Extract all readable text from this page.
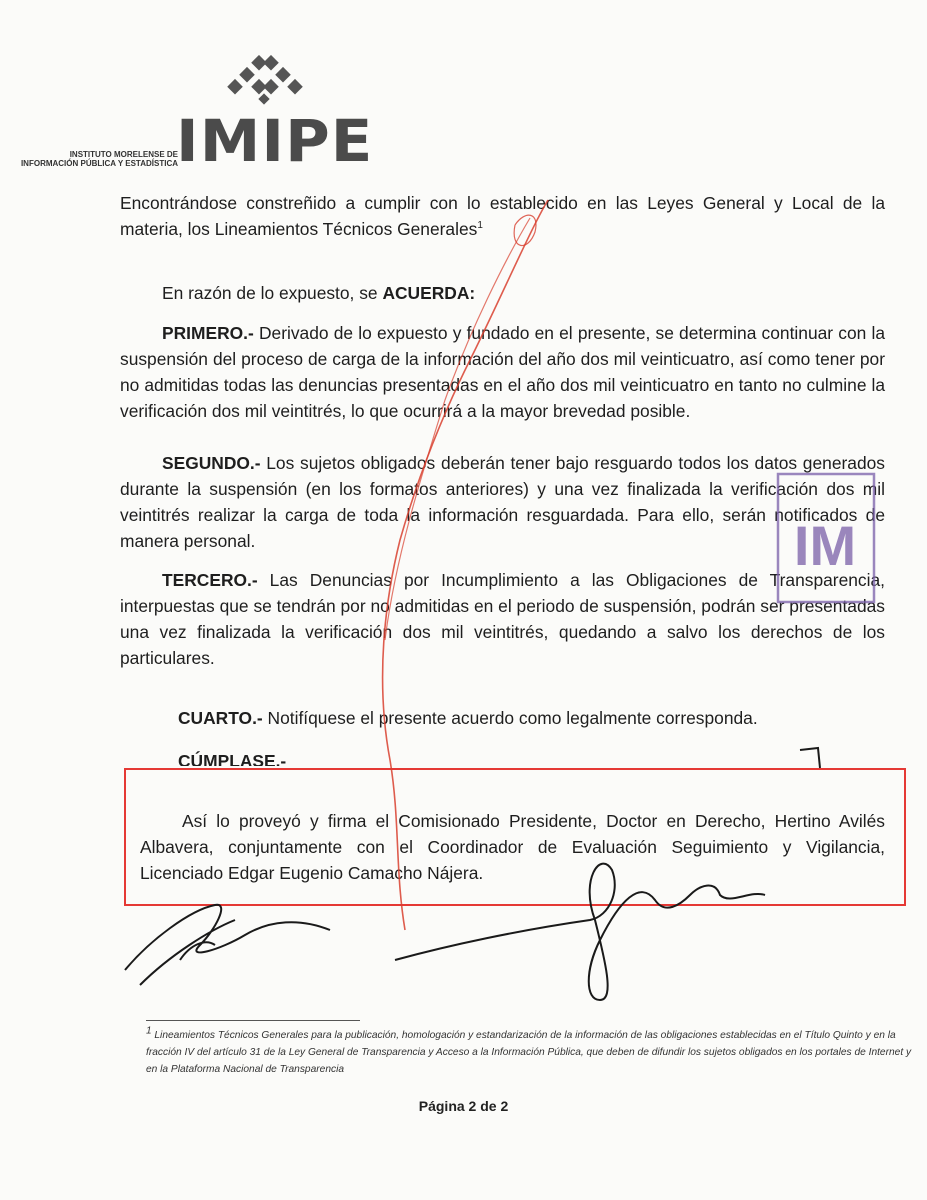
IMIPE
INSTITUTO MORELENSE DE
INFORMACIÓN PÚBLICA Y ESTADÍSTICA
Encontrándose constreñido a cumplir con lo establecido en las Leyes General y Local de la materia, los Lineamientos Técnicos Generales$^1$
En razón de lo expuesto, se ACUERDA:
PRIMERO.- Derivado de lo expuesto y fundado en el presente, se determina continuar con la suspensión del proceso de carga de la información del año dos mil veinticuatro, así como tener por no admitidas todas las denuncias presentadas en el año dos mil veinticuatro en tanto no culmine la verificación dos mil veintitrés, lo que ocurrirá a la mayor brevedad posible.
SEGUNDO.- Los sujetos obligados deberán tener bajo resguardo todos los datos generados durante la suspensión (en los formatos anteriores) y una vez finalizada la verificación dos mil veintitrés realizar la carga de toda la información resguardada. Para ello, serán notificados de manera personal.
TERCERO.- Las Denuncias por Incumplimiento a las Obligaciones de Transparencia, interpuestas que se tendrán por no admitidas en el periodo de suspensión, podrán ser presentadas una vez finalizada la verificación dos mil veintitrés, quedando a salvo los derechos de los particulares.
CUARTO.- Notifíquese el presente acuerdo como legalmente corresponda.
CÚMPLASE.-
Así lo proveyó y firma el Comisionado Presidente, Doctor en Derecho, Hertino Avilés Albavera, conjuntamente con el Coordinador de Evaluación Seguimiento y Vigilancia, Licenciado Edgar Eugenio Camacho Nájera.
IM
$^1$ Lineamientos Técnicos Generales para la publicación, homologación y estandarización de la información de las obligaciones establecidas en el Título Quinto y en la fracción IV del artículo 31 de la Ley General de Transparencia y Acceso a la Información Pública, que deben de difundir los sujetos obligados en los portales de Internet y en la Plataforma Nacional de Transparencia
Página 2 de 2
